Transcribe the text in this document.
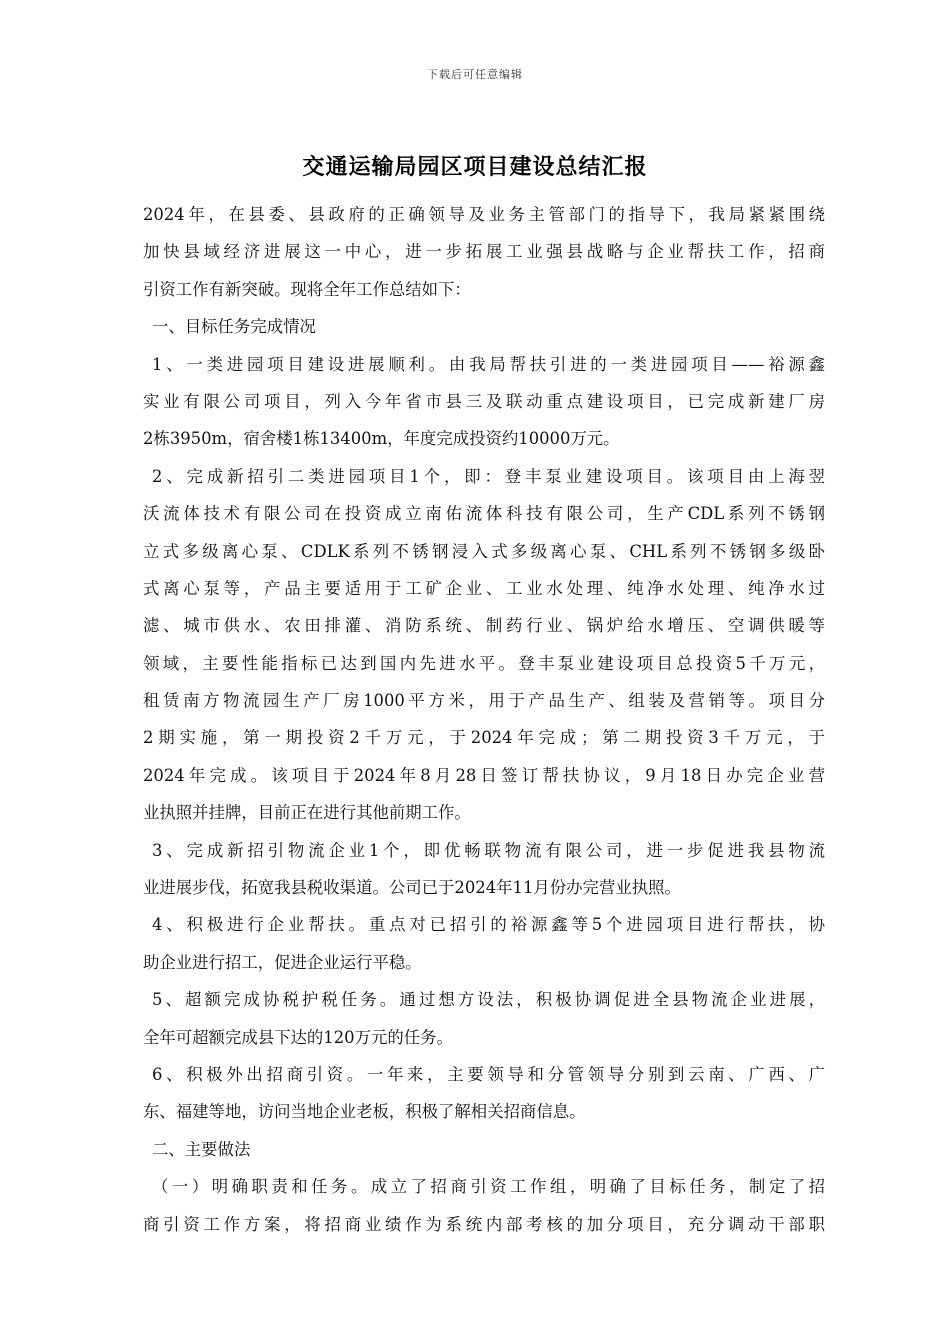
下载后可任意编辑
交通运输局园区项目建设总结汇报
2024年，在县委、县政府的正确领导及业务主管部门的指导下，我局紧紧围绕
加快县域经济进展这一中心，进一步拓展工业强县战略与企业帮扶工作，招商
引资工作有新突破。现将全年工作总结如下：
一、目标任务完成情况
1、一类进园项目建设进展顺利。由我局帮扶引进的一类进园项目——裕源鑫
实业有限公司项目，列入今年省市县三及联动重点建设项目，已完成新建厂房
2栋3950m，宿舍楼1栋13400m，年度完成投资约10000万元。
2、完成新招引二类进园项目1个，即：登丰泵业建设项目。该项目由上海翌
沃流体技术有限公司在投资成立南佑流体科技有限公司，生产CDL系列不锈钢
立式多级离心泵、CDLK系列不锈钢浸入式多级离心泵、CHL系列不锈钢多级卧
式离心泵等，产品主要适用于工矿企业、工业水处理、纯净水处理、纯净水过
滤、城市供水、农田排灌、消防系统、制药行业、锅炉给水增压、空调供暖等
领域，主要性能指标已达到国内先进水平。登丰泵业建设项目总投资5千万元，
租赁南方物流园生产厂房1000平方米，用于产品生产、组装及营销等。项目分
2期实施，第一期投资2千万元，于2024年完成；第二期投资3千万元，于
2024年完成。该项目于2024年8月28日签订帮扶协议，9月18日办完企业营
业执照并挂牌，目前正在进行其他前期工作。
3、完成新招引物流企业1个，即优畅联物流有限公司，进一步促进我县物流
业进展步伐，拓宽我县税收渠道。公司已于2024年11月份办完营业执照。
4、积极进行企业帮扶。重点对已招引的裕源鑫等5个进园项目进行帮扶，协
助企业进行招工，促进企业运行平稳。
5、超额完成协税护税任务。通过想方设法，积极协调促进全县物流企业进展，
全年可超额完成县下达的120万元的任务。
6、积极外出招商引资。一年来，主要领导和分管领导分别到云南、广西、广
东、福建等地，访问当地企业老板，积极了解相关招商信息。
二、主要做法
（一）明确职责和任务。成立了招商引资工作组，明确了目标任务，制定了招
商引资工作方案，将招商业绩作为系统内部考核的加分项目，充分调动干部职
